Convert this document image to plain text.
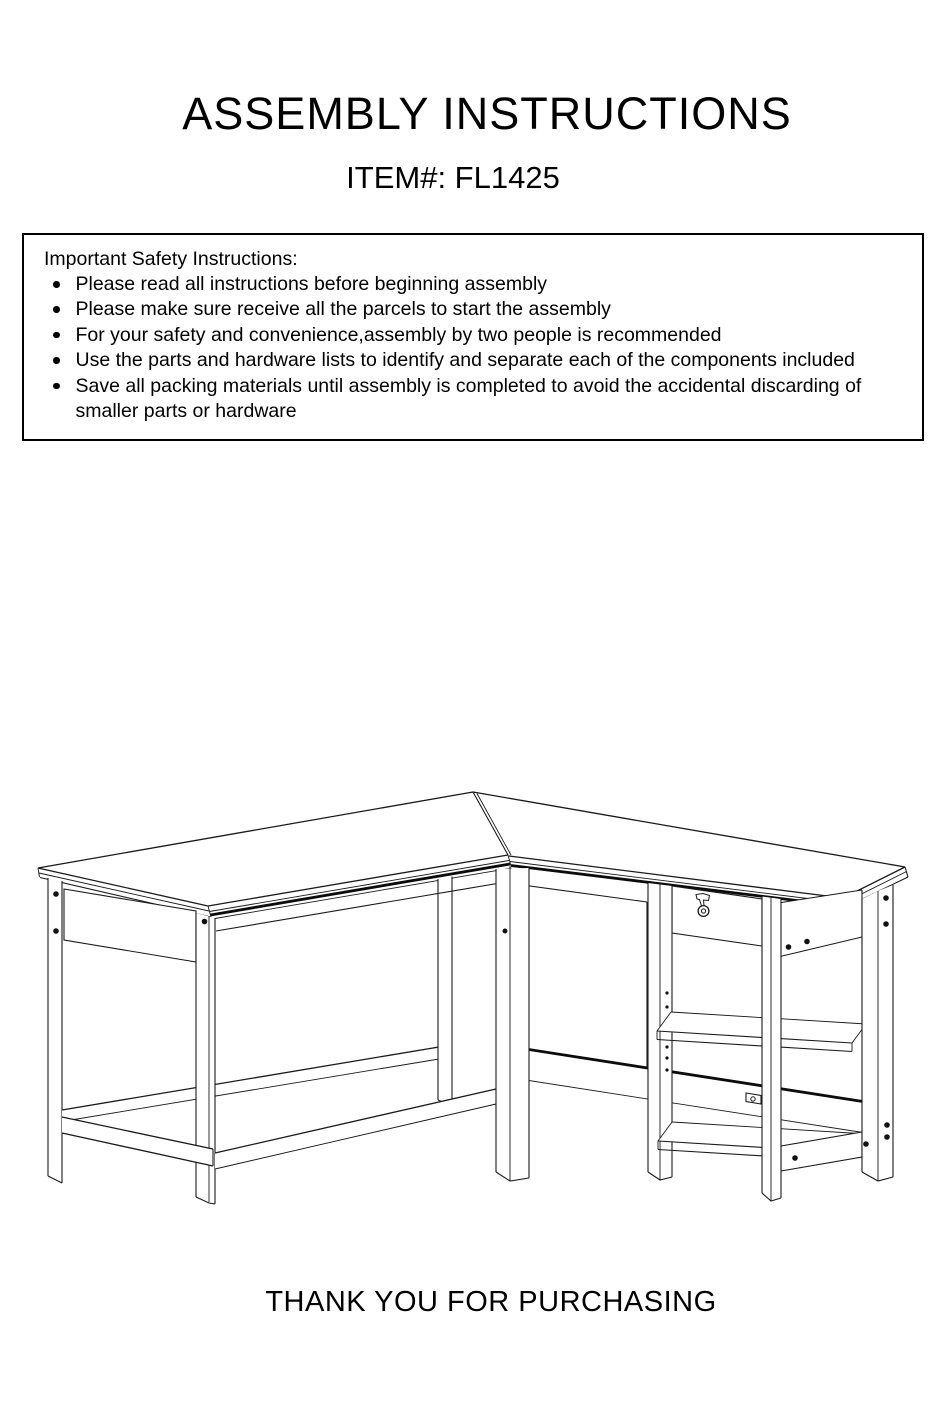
ASSEMBLY INSTRUCTIONS
ITEM#: FL1425
Important Safety Instructions:
Please read all instructions before beginning assembly
Please make sure receive all the parcels to start the assembly
For your safety and convenience,assembly by two people is recommended
Use the parts and hardware lists to identify and separate each of the components included
Save all packing materials until assembly is completed to avoid the accidental discarding of smaller parts or hardware
THANK YOU FOR PURCHASING
